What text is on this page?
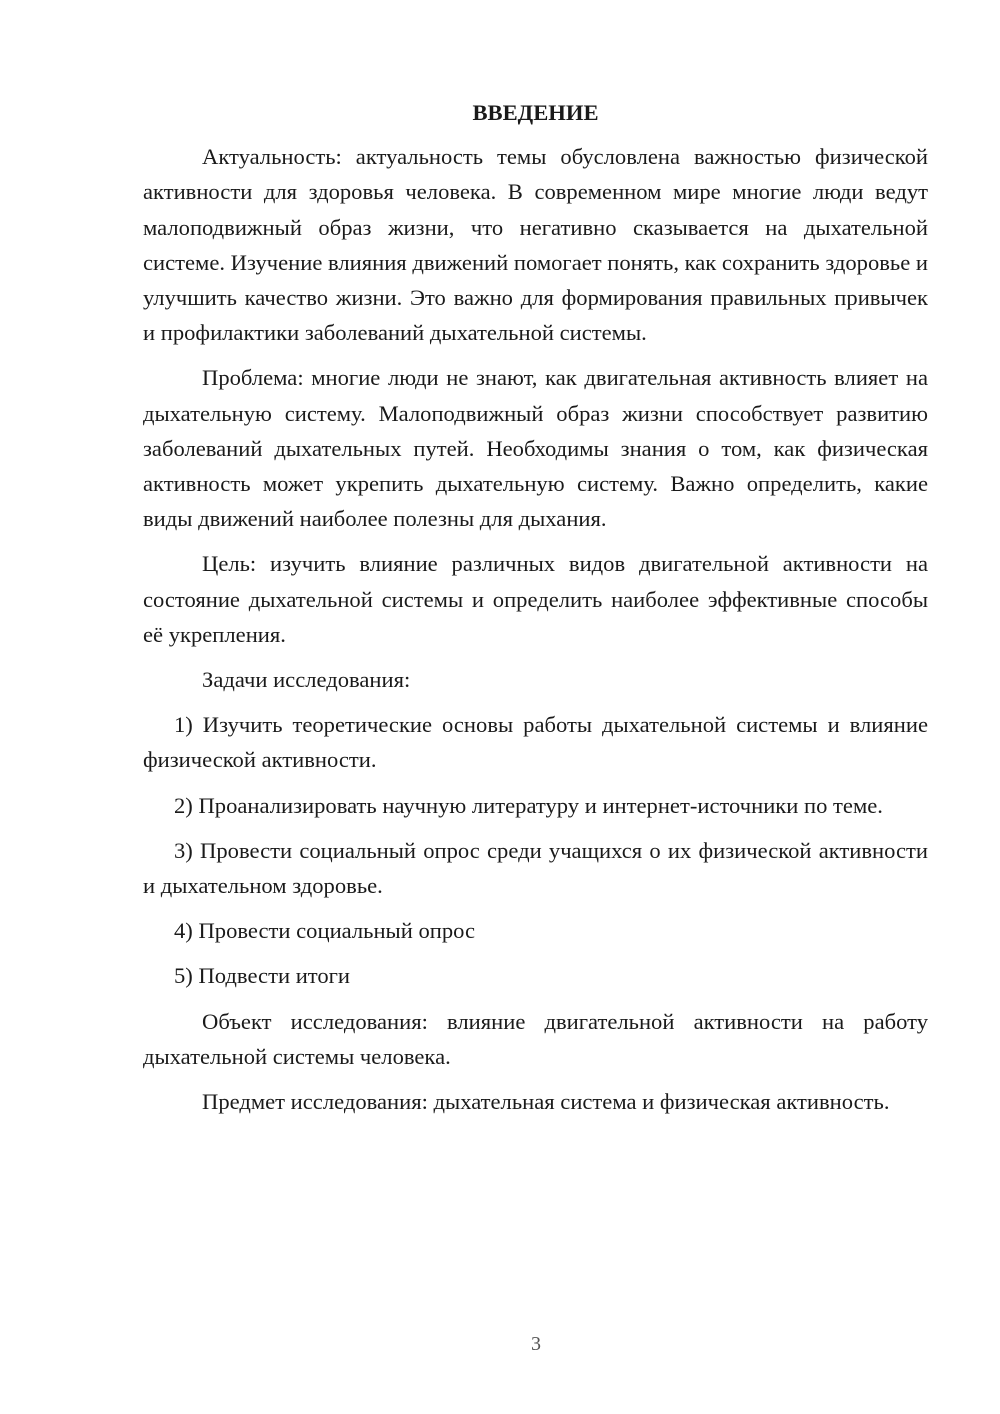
ВВЕДЕНИЕ

Актуальность: актуальность темы обусловлена важностью физической активности для здоровья человека. В современном мире многие люди ведут малоподвижный образ жизни, что негативно сказывается на дыхательной системе. Изучение влияния движений помогает понять, как сохранить здоровье и улучшить качество жизни. Это важно для формирования правильных привычек и профилактики заболеваний дыхательной системы.

Проблема: многие люди не знают, как двигательная активность влияет на дыхательную систему. Малоподвижный образ жизни способствует развитию заболеваний дыхательных путей. Необходимы знания о том, как физическая активность может укрепить дыхательную систему. Важно определить, какие виды движений наиболее полезны для дыхания.

Цель: изучить влияние различных видов двигательной активности на состояние дыхательной системы и определить наиболее эффективные способы её укрепления.

Задачи исследования:

1) Изучить теоретические основы работы дыхательной системы и влияние физической активности.

2) Проанализировать научную литературу и интернет-источники по теме.

3) Провести социальный опрос среди учащихся о их физической активности и дыхательном здоровье.

4) Провести социальный опрос

5) Подвести итоги

Объект исследования: влияние двигательной активности на работу дыхательной системы человека.

Предмет исследования: дыхательная система и физическая активность.

3
